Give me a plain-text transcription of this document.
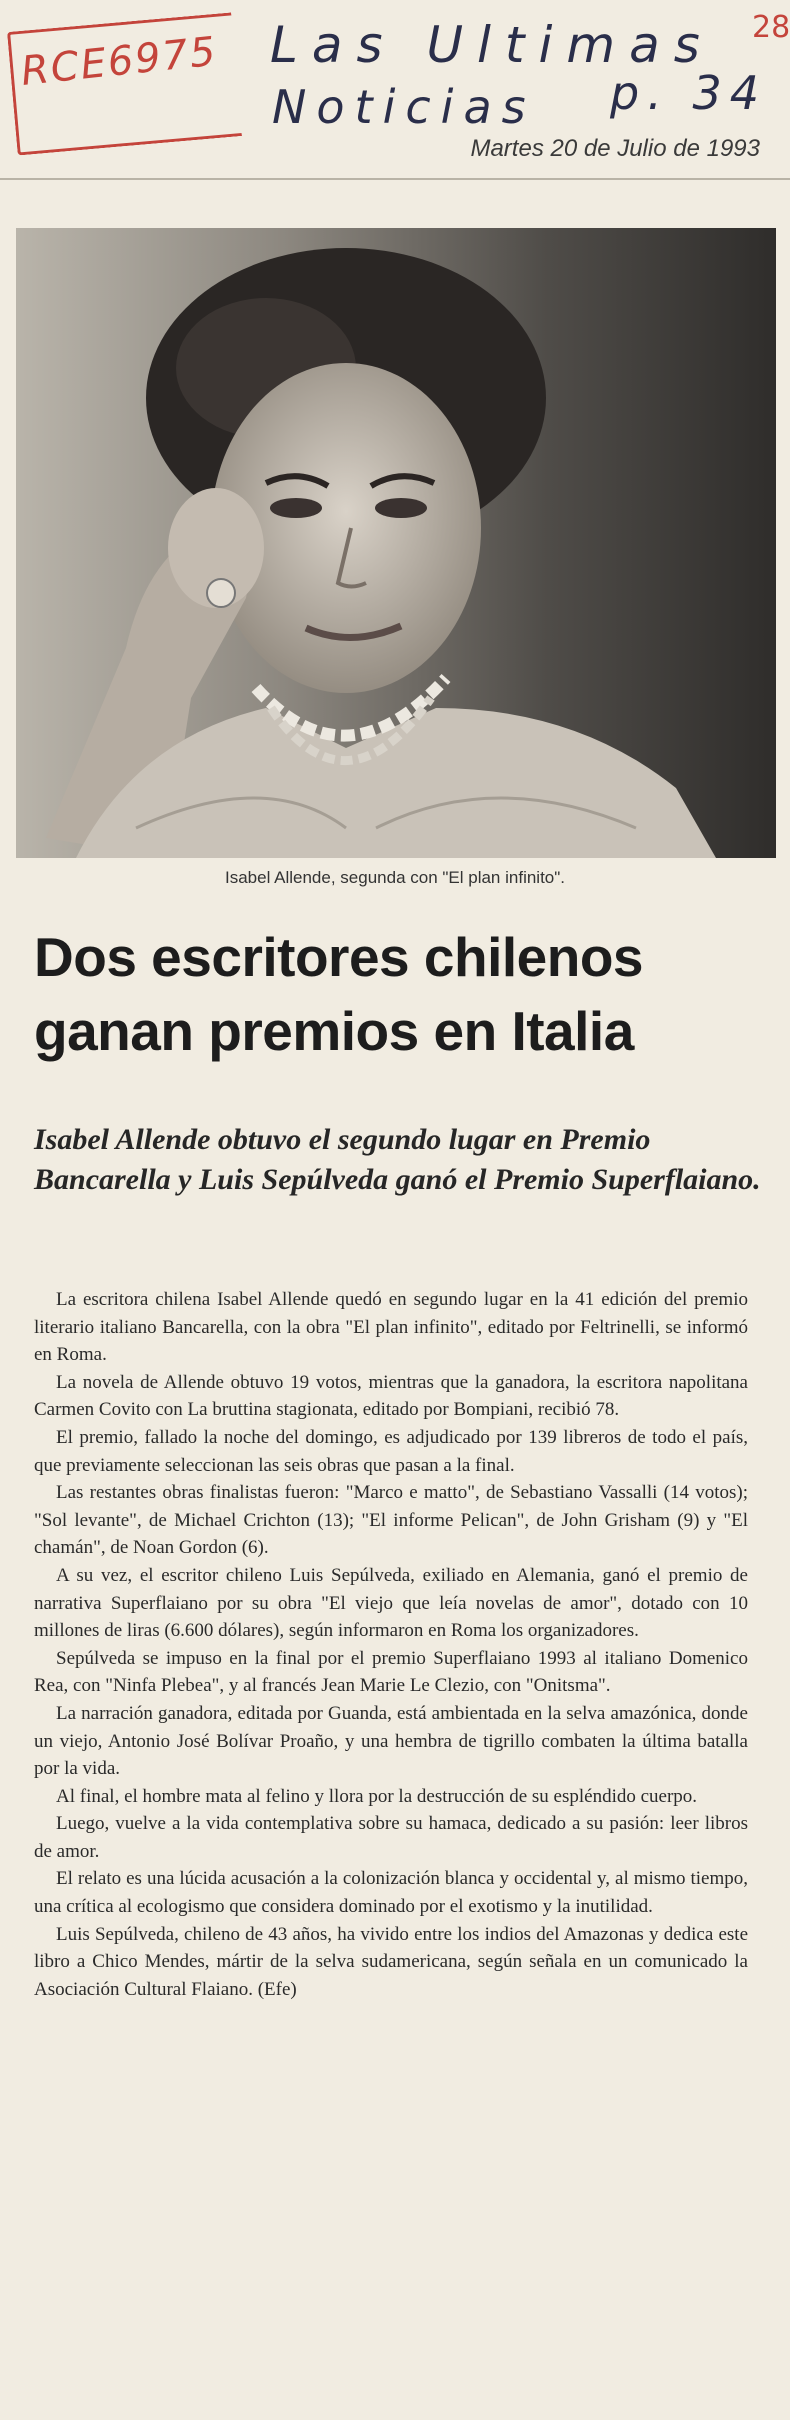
RCE6975	Las Ultimas
Noticias p. 34
28
Martes 20 de Julio de 1993
Isabel Allende, segunda con "El plan infinito".
Dos escritores chilenos ganan premios en Italia
Isabel Allende obtuvo el segundo lugar en Premio Bancarella y Luis Sepúlveda ganó el Premio Superflaiano.

La escritora chilena Isabel Allende quedó en segundo lugar en la 41 edición del premio literario italiano Bancarella, con la obra "El plan infinito", editado por Feltrinelli, se informó en Roma.

La novela de Allende obtuvo 19 votos, mientras que la ganadora, la escritora napolitana Carmen Covito con La bruttina stagionata, editado por Bompiani, recibió 78.

El premio, fallado la noche del domingo, es adjudicado por 139 libreros de todo el país, que previamente seleccionan las seis obras que pasan a la final.

Las restantes obras finalistas fueron: "Marco e matto", de Sebastiano Vassalli (14 votos); "Sol levante", de Michael Crichton (13); "El informe Pelican", de John Grisham (9) y "El chamán", de Noan Gordon (6).

A su vez, el escritor chileno Luis Sepúlveda, exiliado en Alemania, ganó el premio de narrativa Superflaiano por su obra "El viejo que leía novelas de amor", dotado con 10 millones de liras (6.600 dólares), según informaron en Roma los organizadores.

Sepúlveda se impuso en la final por el premio Superflaiano 1993 al italiano Domenico Rea, con "Ninfa Plebea", y al francés Jean Marie Le Clezio, con "Onitsma".

La narración ganadora, editada por Guanda, está ambientada en la selva amazónica, donde un viejo, Antonio José Bolívar Proaño, y una hembra de tigrillo combaten la última batalla por la vida.

Al final, el hombre mata al felino y llora por la destrucción de su espléndido cuerpo.

Luego, vuelve a la vida contemplativa sobre su hamaca, dedicado a su pasión: leer libros de amor.

El relato es una lúcida acusación a la colonización blanca y occidental y, al mismo tiempo, una crítica al ecologismo que considera dominado por el exotismo y la inutilidad.

Luis Sepúlveda, chileno de 43 años, ha vivido entre los indios del Amazonas y dedica este libro a Chico Mendes, mártir de la selva sudamericana, según señala en un comunicado la Asociación Cultural Flaiano. (Efe)
